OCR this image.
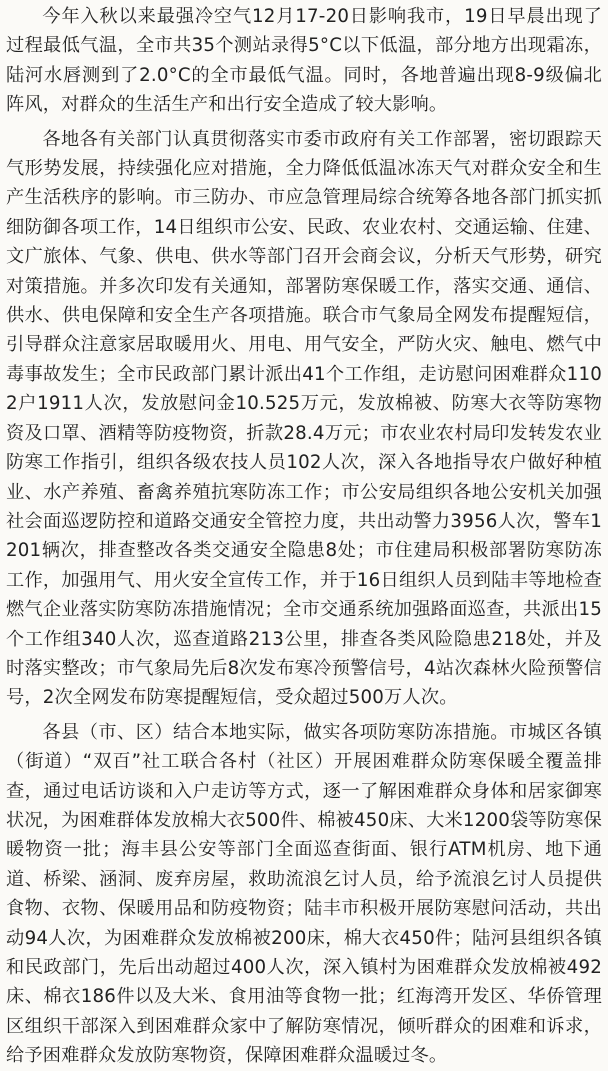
今年入秋以来最强冷空气12月17-20日影响我市，19日早晨出现了过程最低气温，全市共35个测站录得5°C以下低温，部分地方出现霜冻，陆河水唇测到了2.0°C的全市最低气温。同时，各地普遍出现8-9级偏北阵风，对群众的生活生产和出行安全造成了较大影响。

各地各有关部门认真贯彻落实市委市政府有关工作部署，密切跟踪天气形势发展，持续强化应对措施，全力降低低温冰冻天气对群众安全和生产生活秩序的影响。市三防办、市应急管理局综合统筹各地各部门抓实抓细防御各项工作，14日组织市公安、民政、农业农村、交通运输、住建、文广旅体、气象、供电、供水等部门召开会商会议，分析天气形势，研究对策措施。并多次印发有关通知，部署防寒保暖工作，落实交通、通信、供水、供电保障和安全生产各项措施。联合市气象局全网发布提醒短信，引导群众注意家居取暖用火、用电、用气安全，严防火灾、触电、燃气中毒事故发生；全市民政部门累计派出41个工作组，走访慰问困难群众1102户1911人次，发放慰问金10.525万元，发放棉被、防寒大衣等防寒物资及口罩、酒精等防疫物资，折款28.4万元；市农业农村局印发转发农业防寒工作指引，组织各级农技人员102人次，深入各地指导农户做好种植业、水产养殖、畜禽养殖抗寒防冻工作；市公安局组织各地公安机关加强社会面巡逻防控和道路交通安全管控力度，共出动警力3956人次，警车1201辆次，排查整改各类交通安全隐患8处；市住建局积极部署防寒防冻工作，加强用气、用火安全宣传工作，并于16日组织人员到陆丰等地检查燃气企业落实防寒防冻措施情况；全市交通系统加强路面巡查，共派出15个工作组340人次，巡查道路213公里，排查各类风险隐患218处，并及时落实整改；市气象局先后8次发布寒冷预警信号，4站次森林火险预警信号，2次全网发布防寒提醒短信，受众超过500万人次。

各县（市、区）结合本地实际，做实各项防寒防冻措施。市城区各镇（街道）“双百”社工联合各村（社区）开展困难群众防寒保暖全覆盖排查，通过电话访谈和入户走访等方式，逐一了解困难群众身体和居家御寒状况，为困难群体发放棉大衣500件、棉被450床、大米1200袋等防寒保暖物资一批；海丰县公安等部门全面巡查街面、银行ATM机房、地下通道、桥梁、涵洞、废弃房屋，救助流浪乞讨人员，给予流浪乞讨人员提供食物、衣物、保暖用品和防疫物资；陆丰市积极开展防寒慰问活动，共出动94人次，为困难群众发放棉被200床，棉大衣450件；陆河县组织各镇和民政部门，先后出动超过400人次，深入镇村为困难群众发放棉被492床、棉衣186件以及大米、食用油等食物一批；红海湾开发区、华侨管理区组织干部深入到困难群众家中了解防寒情况，倾听群众的困难和诉求，给予困难群众发放防寒物资，保障困难群众温暖过冬。
